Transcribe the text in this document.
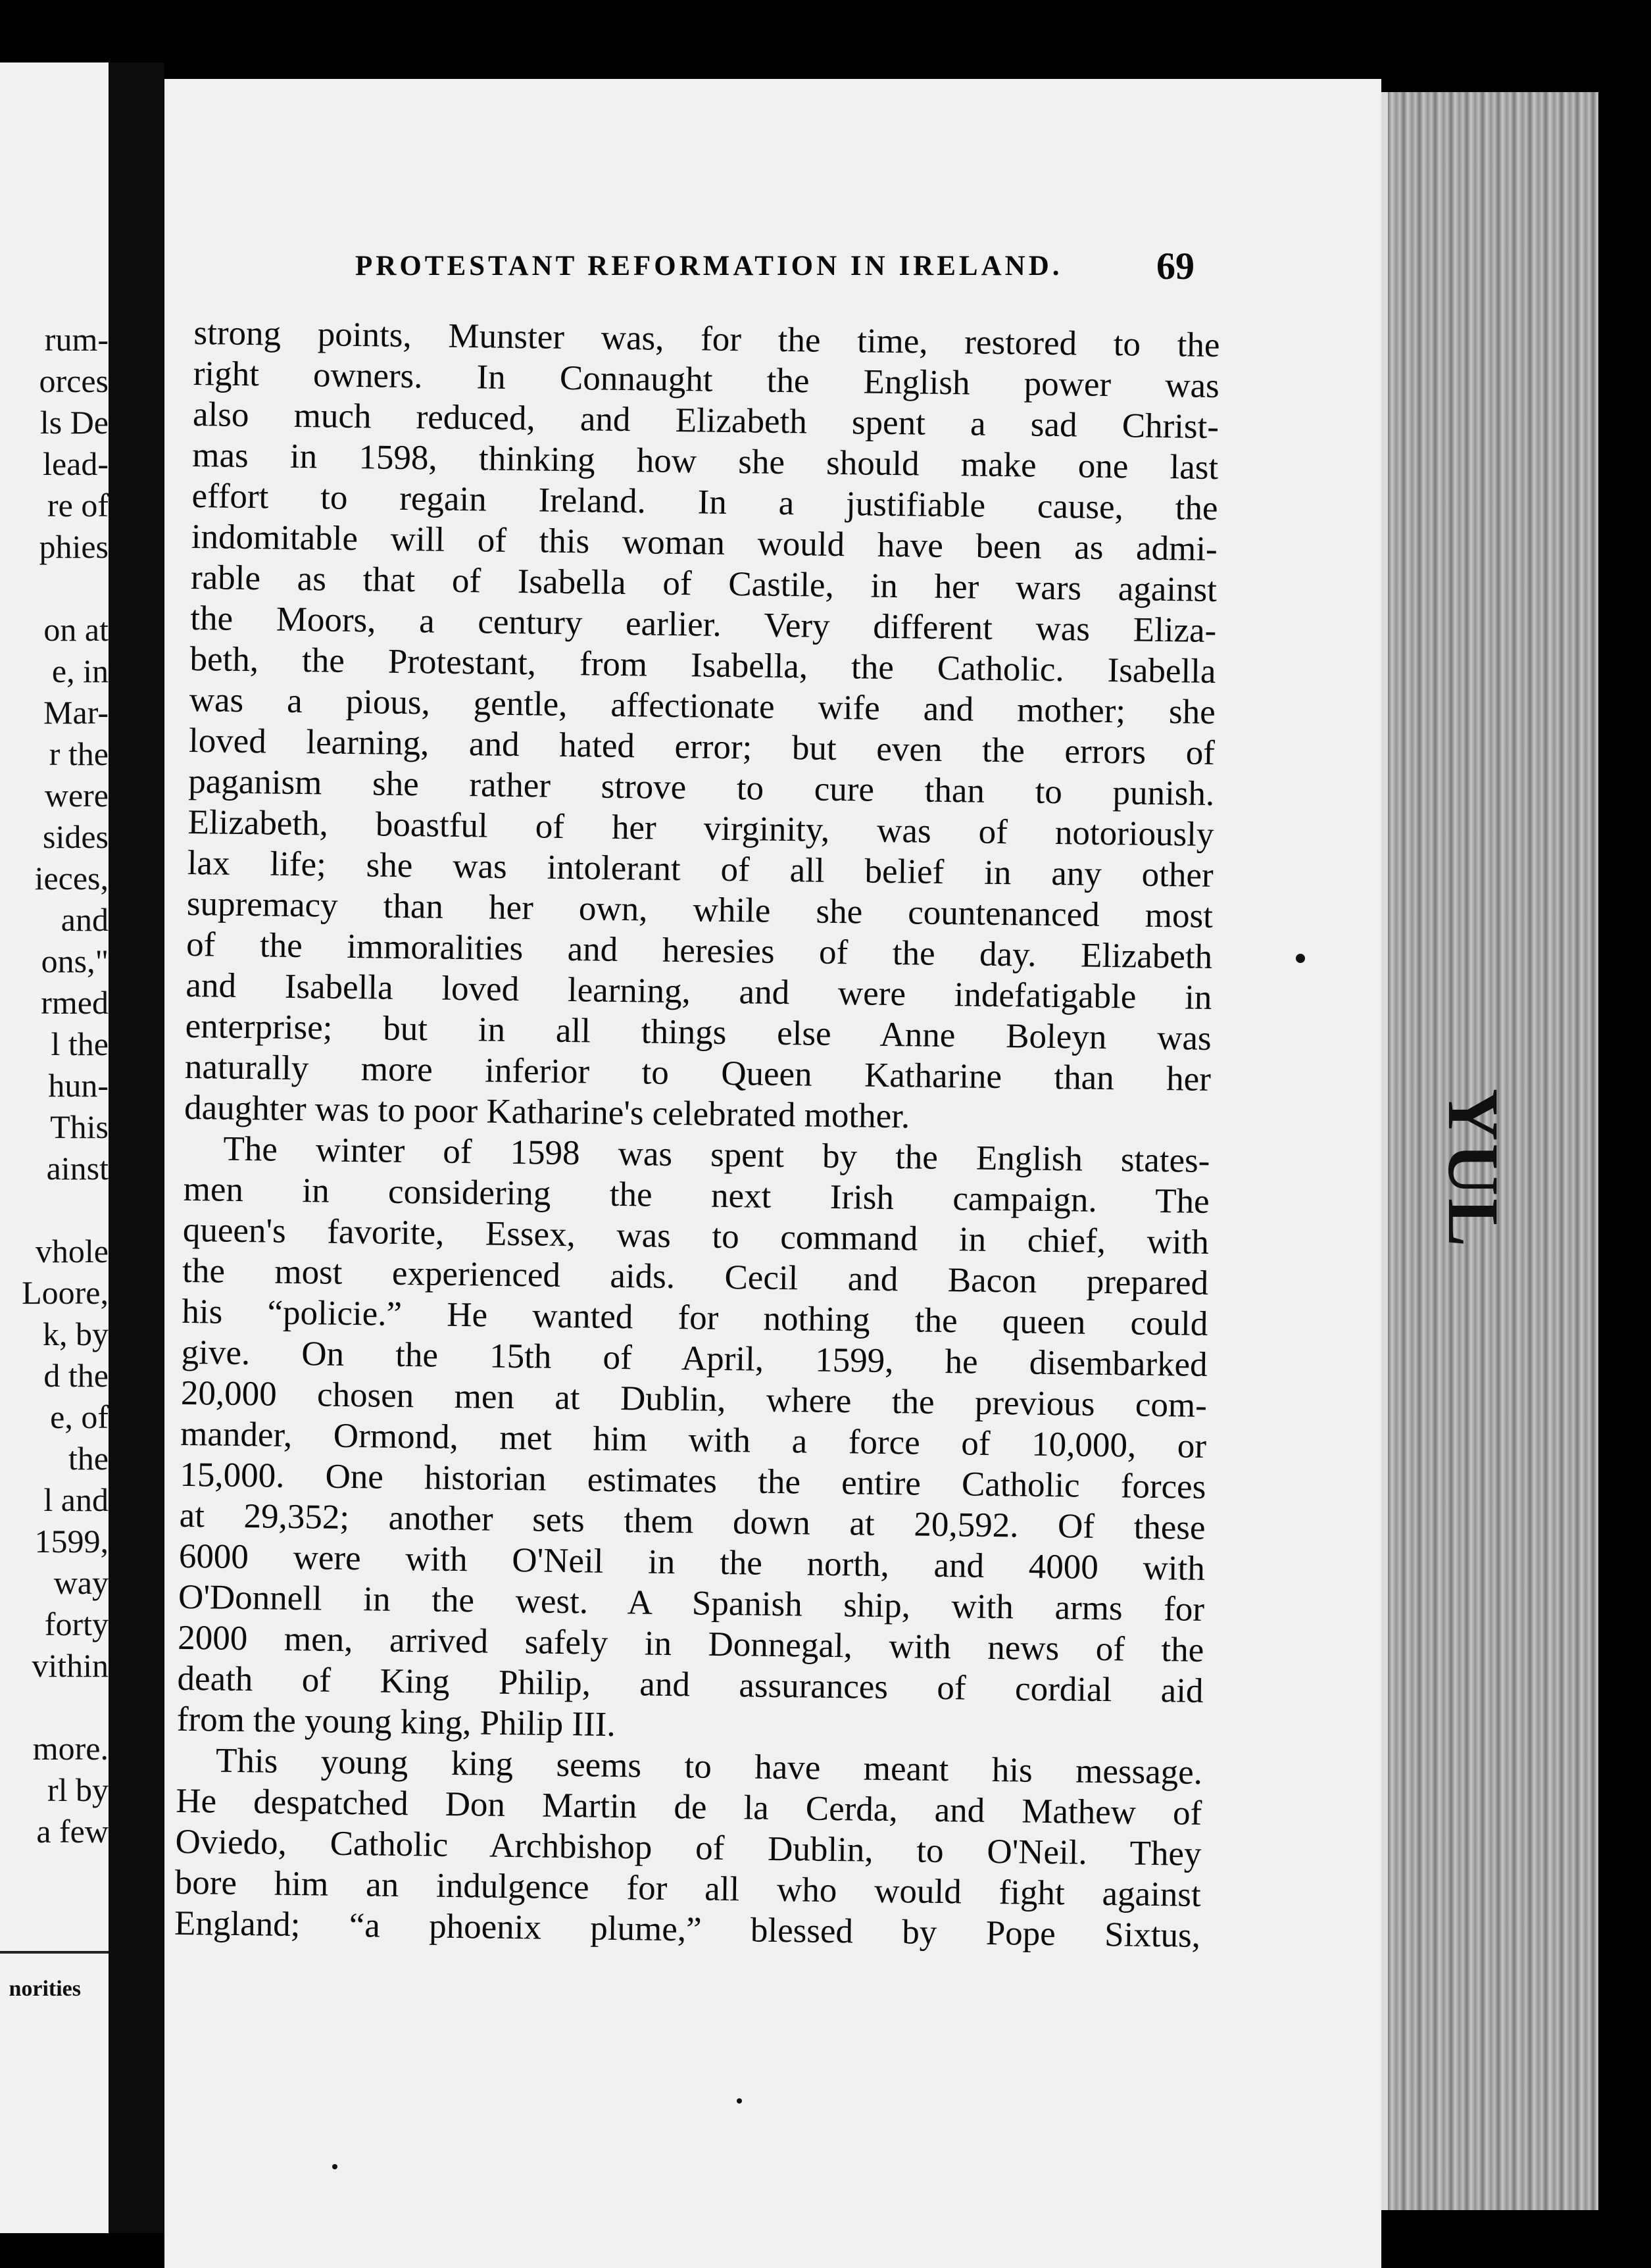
rum-
orces
ls De
lead-
re of
phies
on at
e, in
Mar-
r the
were
sides
ieces,
and
ons,"
rmed
l the
hun-
This
ainst
vhole
Loore,
k, by
d the
e, of
the
l and
1599,
way
forty
vithin
more.
rl by
a few
norities
YUL
PROTESTANT REFORMATION IN IRELAND. 69
strong points, Munster was, for the time, restored to the
right owners. In Connaught the English power was
also much reduced, and Elizabeth spent a sad Christ-
mas in 1598, thinking how she should make one last
effort to regain Ireland. In a justifiable cause, the
indomitable will of this woman would have been as admi-
rable as that of Isabella of Castile, in her wars against
the Moors, a century earlier. Very different was Eliza-
beth, the Protestant, from Isabella, the Catholic. Isabella
was a pious, gentle, affectionate wife and mother; she
loved learning, and hated error; but even the errors of
paganism she rather strove to cure than to punish.
Elizabeth, boastful of her virginity, was of notoriously
lax life; she was intolerant of all belief in any other
supremacy than her own, while she countenanced most
of the immoralities and heresies of the day. Elizabeth
and Isabella loved learning, and were indefatigable in
enterprise; but in all things else Anne Boleyn was
naturally more inferior to Queen Katharine than her
daughter was to poor Katharine's celebrated mother.
The winter of 1598 was spent by the English states-
men in considering the next Irish campaign. The
queen's favorite, Essex, was to command in chief, with
the most experienced aids. Cecil and Bacon prepared
his “policie.” He wanted for nothing the queen could
give. On the 15th of April, 1599, he disembarked
20,000 chosen men at Dublin, where the previous com-
mander, Ormond, met him with a force of 10,000, or
15,000. One historian estimates the entire Catholic forces
at 29,352; another sets them down at 20,592. Of these
6000 were with O'Neil in the north, and 4000 with
O'Donnell in the west. A Spanish ship, with arms for
2000 men, arrived safely in Donnegal, with news of the
death of King Philip, and assurances of cordial aid
from the young king, Philip III.
This young king seems to have meant his message.
He despatched Don Martin de la Cerda, and Mathew of
Oviedo, Catholic Archbishop of Dublin, to O'Neil. They
bore him an indulgence for all who would fight against
England; “a phoenix plume,” blessed by Pope Sixtus,
